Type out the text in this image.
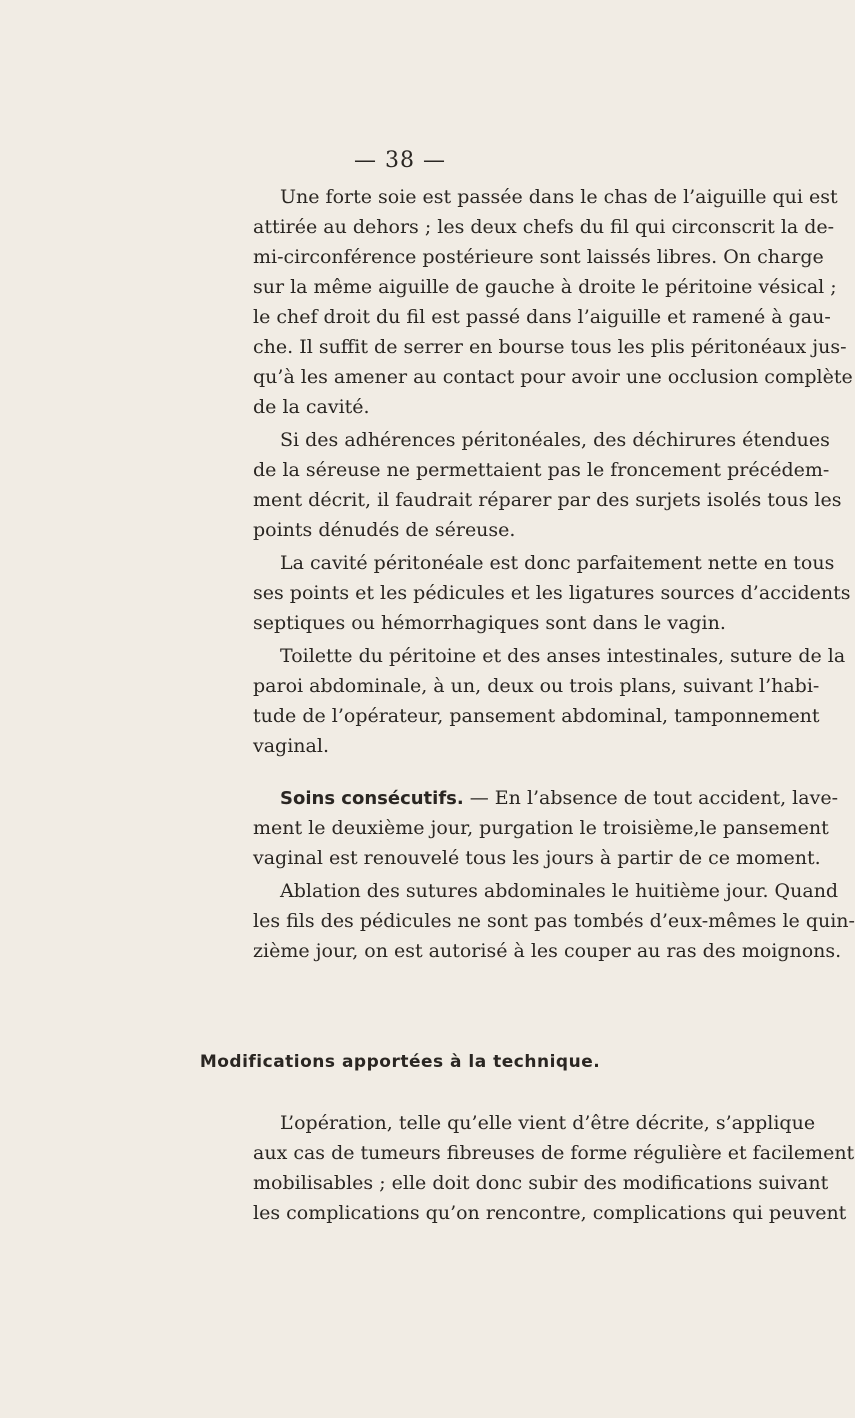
— 38 —
Une forte soie est passée dans le chas de l’aiguille qui est
attirée au dehors ; les deux chefs du fil qui circonscrit la de-
mi-circonférence postérieure sont laissés libres. On charge
sur la même aiguille de gauche à droite le péritoine vésical ;
le chef droit du fil est passé dans l’aiguille et ramené à gau-
che. Il suffit de serrer en bourse tous les plis péritonéaux jus-
qu’à les amener au contact pour avoir une occlusion complète
de la cavité.
Si des adhérences péritonéales, des déchirures étendues
de la séreuse ne permettaient pas le froncement précédem-
ment décrit, il faudrait réparer par des surjets isolés tous les
points dénudés de séreuse.
La cavité péritonéale est donc parfaitement nette en tous
ses points et les pédicules et les ligatures sources d’accidents
septiques ou hémorrhagiques sont dans le vagin.
Toilette du péritoine et des anses intestinales, suture de la
paroi abdominale, à un, deux ou trois plans, suivant l’habi-
tude de l’opérateur, pansement abdominal, tamponnement
vaginal.
Soins consécutifs. — En l’absence de tout accident, lave-
ment le deuxième jour, purgation le troisième,le pansement
vaginal est renouvelé tous les jours à partir de ce moment.
Ablation des sutures abdominales le huitième jour. Quand
les fils des pédicules ne sont pas tombés d’eux-mêmes le quin-
zième jour, on est autorisé à les couper au ras des moignons.
Modifications apportées à la technique.
L’opération, telle qu’elle vient d’être décrite, s’applique
aux cas de tumeurs fibreuses de forme régulière et facilement
mobilisables ; elle doit donc subir des modifications suivant
les complications qu’on rencontre, complications qui peuvent
